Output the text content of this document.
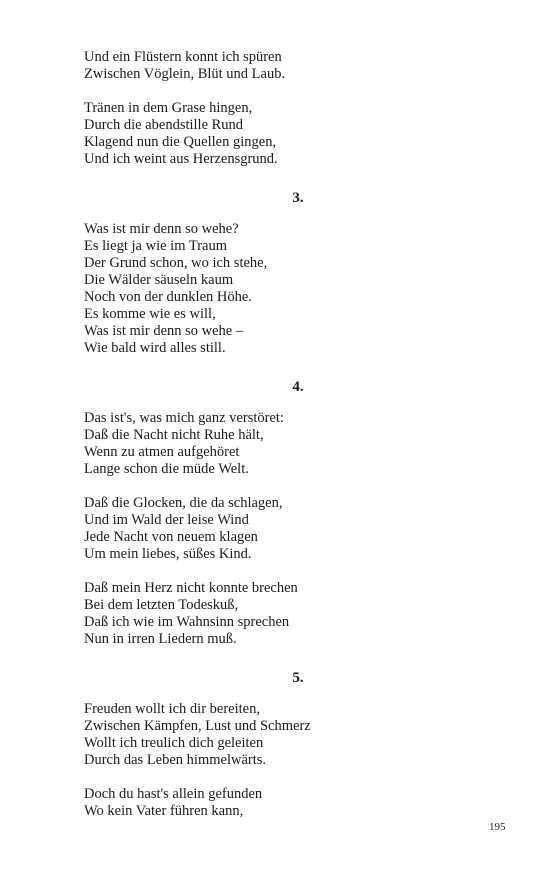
Und ein Flüstern konnt ich spüren
Zwischen Vöglein, Blüt und Laub.
Tränen in dem Grase hingen,
Durch die abendstille Rund
Klagend nun die Quellen gingen,
Und ich weint aus Herzensgrund.
3.
Was ist mir denn so wehe?
Es liegt ja wie im Traum
Der Grund schon, wo ich stehe,
Die Wälder säuseln kaum
Noch von der dunklen Höhe.
Es komme wie es will,
Was ist mir denn so wehe –
Wie bald wird alles still.
4.
Das ist's, was mich ganz verstöret:
Daß die Nacht nicht Ruhe hält,
Wenn zu atmen aufgehöret
Lange schon die müde Welt.
Daß die Glocken, die da schlagen,
Und im Wald der leise Wind
Jede Nacht von neuem klagen
Um mein liebes, süßes Kind.
Daß mein Herz nicht konnte brechen
Bei dem letzten Todeskuß,
Daß ich wie im Wahnsinn sprechen
Nun in irren Liedern muß.
5.
Freuden wollt ich dir bereiten,
Zwischen Kämpfen, Lust und Schmerz
Wollt ich treulich dich geleiten
Durch das Leben himmelwärts.
Doch du hast's allein gefunden
Wo kein Vater führen kann,
195
